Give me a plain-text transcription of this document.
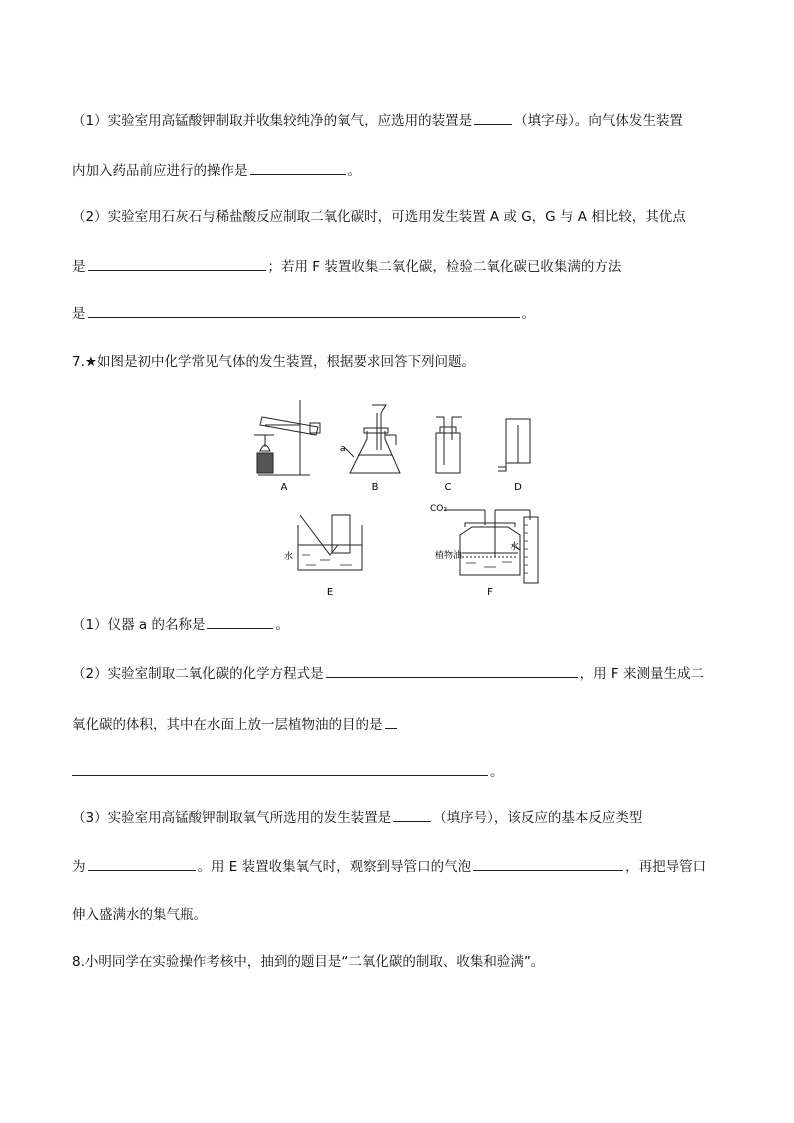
（1）实验室用高锰酸钾制取并收集较纯净的氧气，应选用的装置是	（填字母）。向气体发生装置
内加入药品前应进行的操作是	。
（2）实验室用石灰石与稀盐酸反应制取二氧化碳时，可选用发生装置 A 或 G，G 与 A 相比较，其优点
是	；若用 F 装置收集二氧化碳，检验二氧化碳已收集满的方法
是	。
7.★如图是初中化学常见气体的发生装置，根据要求回答下列问题。
A	B	C	D
E	F
a
水
CO₂
植物油
水
（1）仪器 a 的名称是	。
（2）实验室制取二氧化碳的化学方程式是	，用 F 来测量生成二
氧化碳的体积，其中在水面上放一层植物油的目的是
。
（3）实验室用高锰酸钾制取氧气所选用的发生装置是	（填序号），该反应的基本反应类型
为	。用 E 装置收集氧气时，观察到导管口的气泡	，再把导管口
伸入盛满水的集气瓶。
8.小明同学在实验操作考核中，抽到的题目是“二氧化碳的制取、收集和验满”。
